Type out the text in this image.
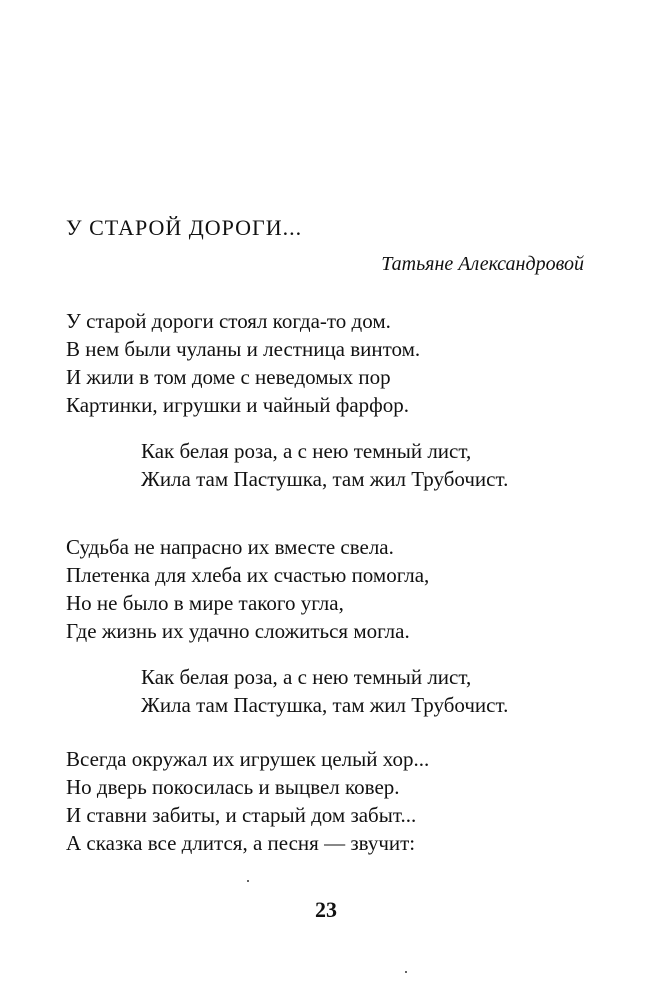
У СТАРОЙ ДОРОГИ...
Татьяне Александровой
У старой дороги стоял когда-то дом.
В нем были чуланы и лестница винтом.
И жили в том доме с неведомых пор
Картинки, игрушки и чайный фарфор.
Как белая роза, а с нею темный лист,
Жила там Пастушка, там жил Трубочист.
Судьба не напрасно их вместе свела.
Плетенка для хлеба их счастью помогла,
Но не было в мире такого угла,
Где жизнь их удачно сложиться могла.
Как белая роза, а с нею темный лист,
Жила там Пастушка, там жил Трубочист.
Всегда окружал их игрушек целый хор...
Но дверь покосилась и выцвел ковер.
И ставни забиты, и старый дом забыт...
А сказка все длится, а песня — звучит:
23
